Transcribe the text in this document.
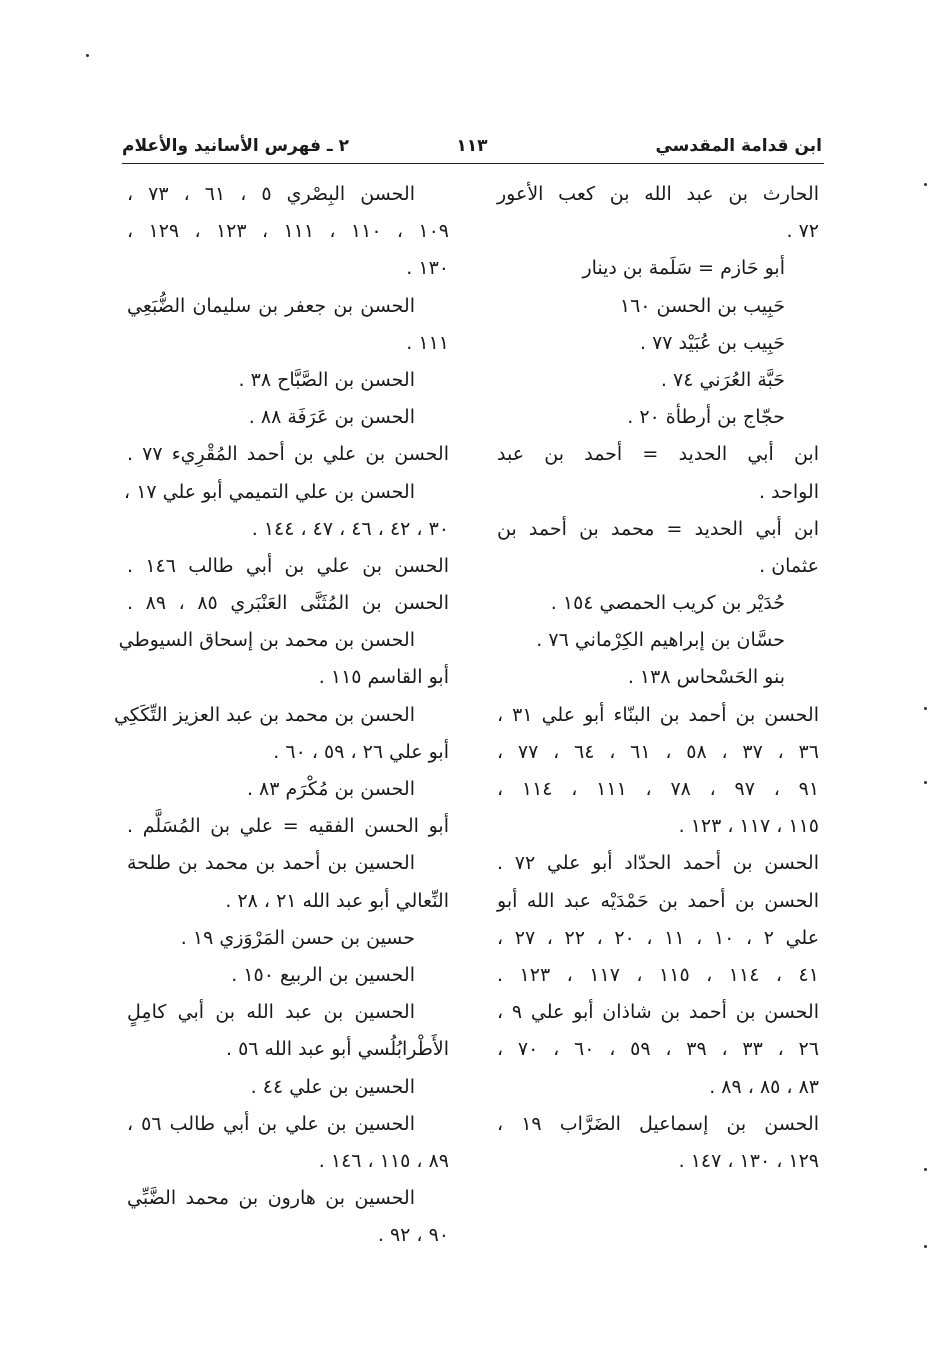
ابن قدامة المقدسي
١١٣
٢ ـ فهرس الأسانيد والأعلام
الحارث بن عبد الله بن كعب الأعور
٧٢ .
أبو حَازم = سَلَمة بن دينار
حَبِيب بن الحسن ١٦٠
حَبِيب بن عُبَيْد ٧٧ .
حَبَّة العُرَني ٧٤ .
حجّاج بن أرطأة ٢٠ .
ابن أبي الحديد = أحمد بن عبد
الواحد .
ابن أبي الحديد = محمد بن أحمد بن
عثمان .
حُدَيْر بن كريب الحمصي ١٥٤ .
حسَّان بن إبراهيم الكِرْماني ٧٦ .
بنو الحَسْحاس ١٣٨ .
الحسن بن أحمد بن البنّاء أبو علي ٣١ ،
٣٦ ، ٣٧ ، ٥٨ ، ٦١ ، ٦٤ ، ٧٧ ،
٩١ ، ٩٧ ، ٧٨ ، ١١١ ، ١١٤ ،
١١٥ ، ١١٧ ، ١٢٣ .
الحسن بن أحمد الحدّاد أبو علي ٧٢ .
الحسن بن أحمد بن حَمْدَيْه عبد الله أبو
علي ٢ ، ١٠ ، ١١ ، ٢٠ ، ٢٢ ، ٢٧ ،
٤١ ، ١١٤ ، ١١٥ ، ١١٧ ، ١٢٣ .
الحسن بن أحمد بن شاذان أبو علي ٩ ،
٢٦ ، ٣٣ ، ٣٩ ، ٥٩ ، ٦٠ ، ٧٠ ،
٨٣ ، ٨٥ ، ٨٩ .
الحسن بن إسماعيل الضَرَّاب ١٩ ،
١٢٩ ، ١٣٠ ، ١٤٧ .
الحسن البِصْري ٥ ، ٦١ ، ٧٣ ،
١٠٩ ، ١١٠ ، ١١١ ، ١٢٣ ، ١٢٩ ،
١٣٠ .
الحسن بن جعفر بن سليمان الضُّبَعِي
١١١ .
الحسن بن الصَّبَّاح ٣٨ .
الحسن بن عَرَفَة ٨٨ .
الحسن بن علي بن أحمد المُقْرِيء ٧٧ .
الحسن بن علي التميمي أبو علي ١٧ ،
٣٠ ، ٤٢ ، ٤٦ ، ٤٧ ، ١٤٤ .
الحسن بن علي بن أبي طالب ١٤٦ .
الحسن بن المُثَنَّى العَنْبَري ٨٥ ، ٨٩ .
الحسن بن محمد بن إسحاق السيوطي
أبو القاسم ١١٥ .
الحسن بن محمد بن عبد العزيز التِّكَكِي
أبو علي ٢٦ ، ٥٩ ، ٦٠ .
الحسن بن مُكْرَم ٨٣ .
أبو الحسن الفقيه = علي بن المُسَلَّم .
الحسين بن أحمد بن محمد بن طلحة
النِّعالي أبو عبد الله ٢١ ، ٢٨ .
حسين بن حسن المَرْوَزي ١٩ .
الحسين بن الربيع ١٥٠ .
الحسين بن عبد الله بن أبي كامِلٍ
الأَطْرابُلُسي أبو عبد الله ٥٦ .
الحسين بن علي ٤٤ .
الحسين بن علي بن أبي طالب ٥٦ ،
٨٩ ، ١١٥ ، ١٤٦ .
الحسين بن هارون بن محمد الضَّبِّي
٩٠ ، ٩٢ .
